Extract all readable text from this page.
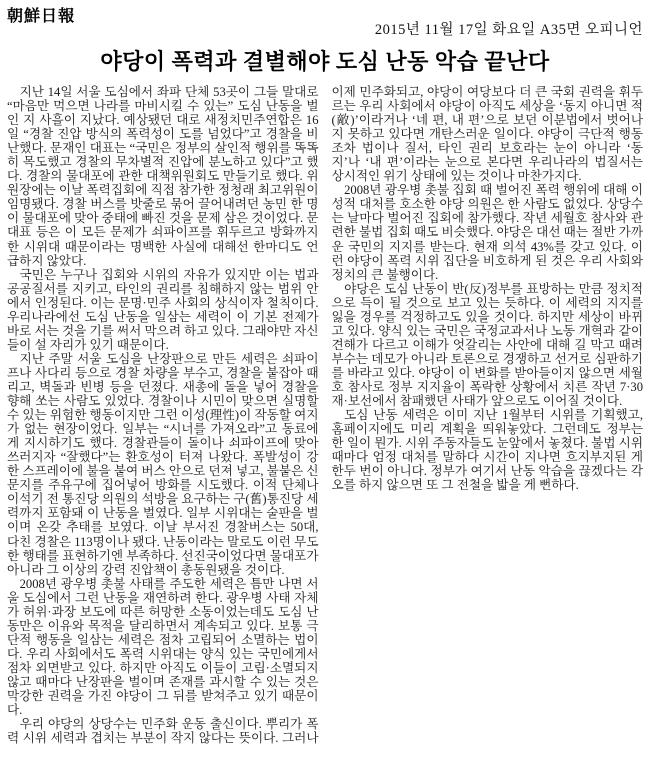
朝鮮日報
2015년 11월 17일 화요일 A35면 오피니언
야당이 폭력과 결별해야 도심 난동 악습 끝난다

지난 14일 서울 도심에서 좌파 단체 53곳이 그들 말대로 “마음만 먹으면 나라를 마비시킬 수 있는” 도심 난동을 벌인 지 사흘이 지났다. 예상됐던 대로 새정치민주연합은 16일 “경찰 진압 방식의 폭력성이 도를 넘었다”고 경찰을 비난했다. 문재인 대표는 “국민은 정부의 살인적 행위를 똑똑히 목도했고 경찰의 무차별적 진압에 분노하고 있다”고 했다. 경찰의 물대포에 관한 대책위원회도 만들기로 했다. 위원장에는 이날 폭력집회에 직접 참가한 정청래 최고위원이 임명됐다. 경찰 버스를 밧줄로 묶어 끌어내려던 농민 한 명이 물대포에 맞아 중태에 빠진 것을 문제 삼은 것이었다. 문 대표 등은 이 모든 문제가 쇠파이프를 휘두르고 방화까지 한 시위대 때문이라는 명백한 사실에 대해선 한마디도 언급하지 않았다.

국민은 누구나 집회와 시위의 자유가 있지만 이는 법과 공공질서를 지키고, 타인의 권리를 침해하지 않는 범위 안에서 인정된다. 이는 문명·민주 사회의 상식이자 철칙이다. 우리나라에선 도심 난동을 일삼는 세력이 이 기본 전제가 바로 서는 것을 기를 써서 막으려 하고 있다. 그래야만 자신들이 설 자리가 있기 때문이다.

지난 주말 서울 도심을 난장판으로 만든 세력은 쇠파이프나 사다리 등으로 경찰 차량을 부수고, 경찰을 붙잡아 때리고, 벽돌과 빈병 등을 던졌다. 새총에 돌을 넣어 경찰을 향해 쏘는 사람도 있었다. 경찰이나 시민이 맞으면 실명할 수 있는 위험한 행동이지만 그런 이성(理性)이 작동할 여지가 없는 현장이었다. 일부는 “시너를 가져오라”고 동료에게 지시하기도 했다. 경찰관들이 돌이나 쇠파이프에 맞아 쓰러지자 “잘했다”는 환호성이 터져 나왔다. 폭발성이 강한 스프레이에 불을 붙여 버스 안으로 던져 넣고, 불붙은 신문지를 주유구에 집어넣어 방화를 시도했다. 이적 단체나 이석기 전 통진당 의원의 석방을 요구하는 구(舊)통진당 세력까지 포함돼 이 난동을 벌였다. 일부 시위대는 술판을 벌이며 온갖 추태를 보였다. 이날 부서진 경찰버스는 50대, 다친 경찰은 113명이나 됐다. 난동이라는 말로도 이런 무도한 행태를 표현하기엔 부족하다. 선진국이었다면 물대포가 아니라 그 이상의 강력 진압책이 총동원됐을 것이다.

2008년 광우병 촛불 사태를 주도한 세력은 틈만 나면 서울 도심에서 그런 난동을 재연하려 한다. 광우병 사태 자체가 허위·과장 보도에 따른 허망한 소동이었는데도 도심 난동만은 이유와 목적을 달리하면서 계속되고 있다. 보통 극단적 행동을 일삼는 세력은 점차 고립되어 소멸하는 법이다. 우리 사회에서도 폭력 시위대는 양식 있는 국민에게서 점차 외면받고 있다. 하지만 아직도 이들이 고립·소멸되지 않고 때마다 난장판을 벌이며 존재를 과시할 수 있는 것은 막강한 권력을 가진 야당이 그 뒤를 받쳐주고 있기 때문이다.

우리 야당의 상당수는 민주화 운동 출신이다. 뿌리가 폭력 시위 세력과 겹치는 부분이 작지 않다는 뜻이다. 그러나 이제 민주화되고, 야당이 여당보다 더 큰 국회 권력을 휘두르는 우리 사회에서 야당이 아직도 세상을 ‘동지 아니면 적(敵)’이라거나 ‘네 편, 내 편’으로 보던 이분법에서 벗어나지 못하고 있다면 개탄스러운 일이다. 야당이 극단적 행동조차 법이나 질서, 타인 권리 보호라는 눈이 아니라 ‘동지’나 ‘내 편’이라는 눈으로 본다면 우리나라의 법질서는 상시적인 위기 상태에 있는 것이나 마찬가지다.

2008년 광우병 촛불 집회 때 벌어진 폭력 행위에 대해 이성적 대처를 호소한 야당 의원은 한 사람도 없었다. 상당수는 날마다 벌어진 집회에 참가했다. 작년 세월호 참사와 관련한 불법 집회 때도 비슷했다. 야당은 대선 때는 절반 가까운 국민의 지지를 받는다. 현재 의석 43%를 갖고 있다. 이런 야당이 폭력 시위 집단을 비호하게 된 것은 우리 사회와 정치의 큰 불행이다.

야당은 도심 난동이 반(反)정부를 표방하는 만큼 정치적으로 득이 될 것으로 보고 있는 듯하다. 이 세력의 지지를 잃을 경우를 걱정하고도 있을 것이다. 하지만 세상이 바뀌고 있다. 양식 있는 국민은 국정교과서나 노동 개혁과 같이 견해가 다르고 이해가 엇갈리는 사안에 대해 길 막고 때려 부수는 데모가 아니라 토론으로 경쟁하고 선거로 심판하기를 바라고 있다. 야당이 이 변화를 받아들이지 않으면 세월호 참사로 정부 지지율이 폭락한 상황에서 치른 작년 7·30 재·보선에서 참패했던 사태가 앞으로도 이어질 것이다.

도심 난동 세력은 이미 지난 1월부터 시위를 기획했고, 홈페이지에도 미리 계획을 띄워놓았다. 그런데도 정부는 한 일이 뭔가. 시위 주동자들도 눈앞에서 놓쳤다. 불법 시위 때마다 엄정 대처를 말하다 시간이 지나면 흐지부지된 게 한두 번이 아니다. 정부가 여기서 난동 악습을 끊겠다는 각오를 하지 않으면 또 그 전철을 밟을 게 뻔하다.
